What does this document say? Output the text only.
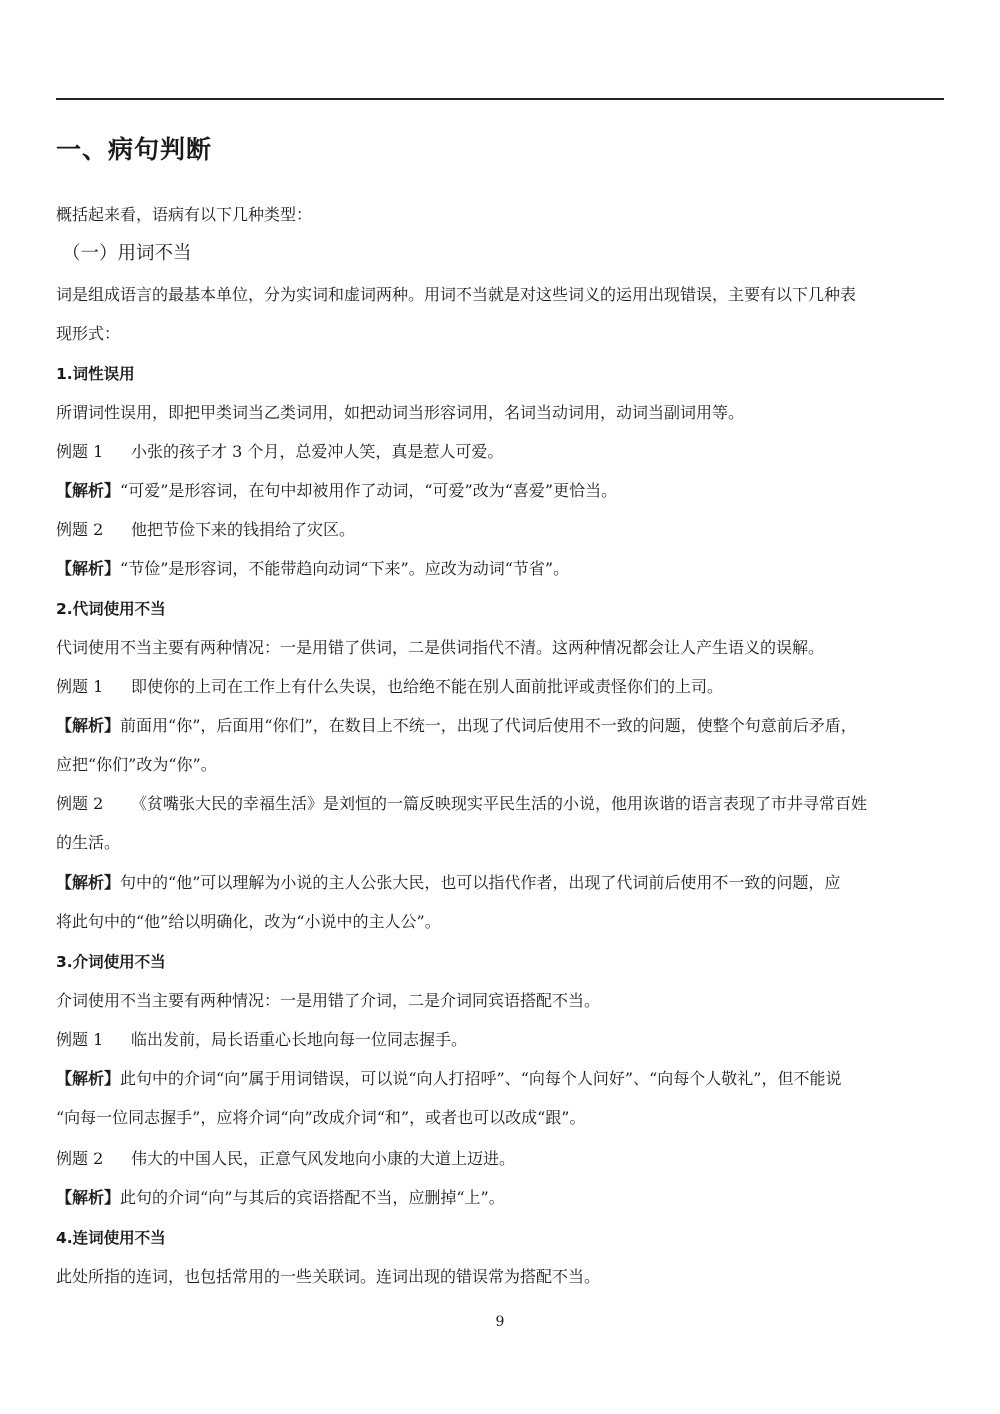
一、病句判断

概括起来看，语病有以下几种类型：

（一）用词不当

词是组成语言的最基本单位，分为实词和虚词两种。用词不当就是对这些词义的运用出现错误，主要有以下几种表

现形式：

1.词性误用

所谓词性误用，即把甲类词当乙类词用，如把动词当形容词用，名词当动词用，动词当副词用等。

例题 1 小张的孩子才 3 个月，总爱冲人笑，真是惹人可爱。

【解析】“可爱”是形容词，在句中却被用作了动词，“可爱”改为“喜爱”更恰当。

例题 2 他把节俭下来的钱捐给了灾区。

【解析】“节俭”是形容词，不能带趋向动词“下来”。应改为动词“节省”。

2.代词使用不当

代词使用不当主要有两种情况：一是用错了供词，二是供词指代不清。这两种情况都会让人产生语义的误解。

例题 1 即使你的上司在工作上有什么失误，也给绝不能在别人面前批评或责怪你们的上司。

【解析】前面用“你”，后面用“你们”，在数目上不统一，出现了代词后使用不一致的问题，使整个句意前后矛盾，

应把“你们”改为“你”。

例题 2 《贫嘴张大民的幸福生活》是刘恒的一篇反映现实平民生活的小说，他用诙谐的语言表现了市井寻常百姓

的生活。

【解析】句中的“他”可以理解为小说的主人公张大民，也可以指代作者，出现了代词前后使用不一致的问题，应

将此句中的“他”给以明确化，改为“小说中的主人公”。

3.介词使用不当

介词使用不当主要有两种情况：一是用错了介词，二是介词同宾语搭配不当。

例题 1 临出发前，局长语重心长地向每一位同志握手。

【解析】此句中的介词“向”属于用词错误，可以说“向人打招呼”、“向每个人问好”、“向每个人敬礼”，但不能说

“向每一位同志握手”，应将介词“向”改成介词“和”，或者也可以改成“跟”。

例题 2 伟大的中国人民，正意气风发地向小康的大道上迈进。

【解析】此句的介词“向”与其后的宾语搭配不当，应删掉“上”。

4.连词使用不当

此处所指的连词，也包括常用的一些关联词。连词出现的错误常为搭配不当。

9
